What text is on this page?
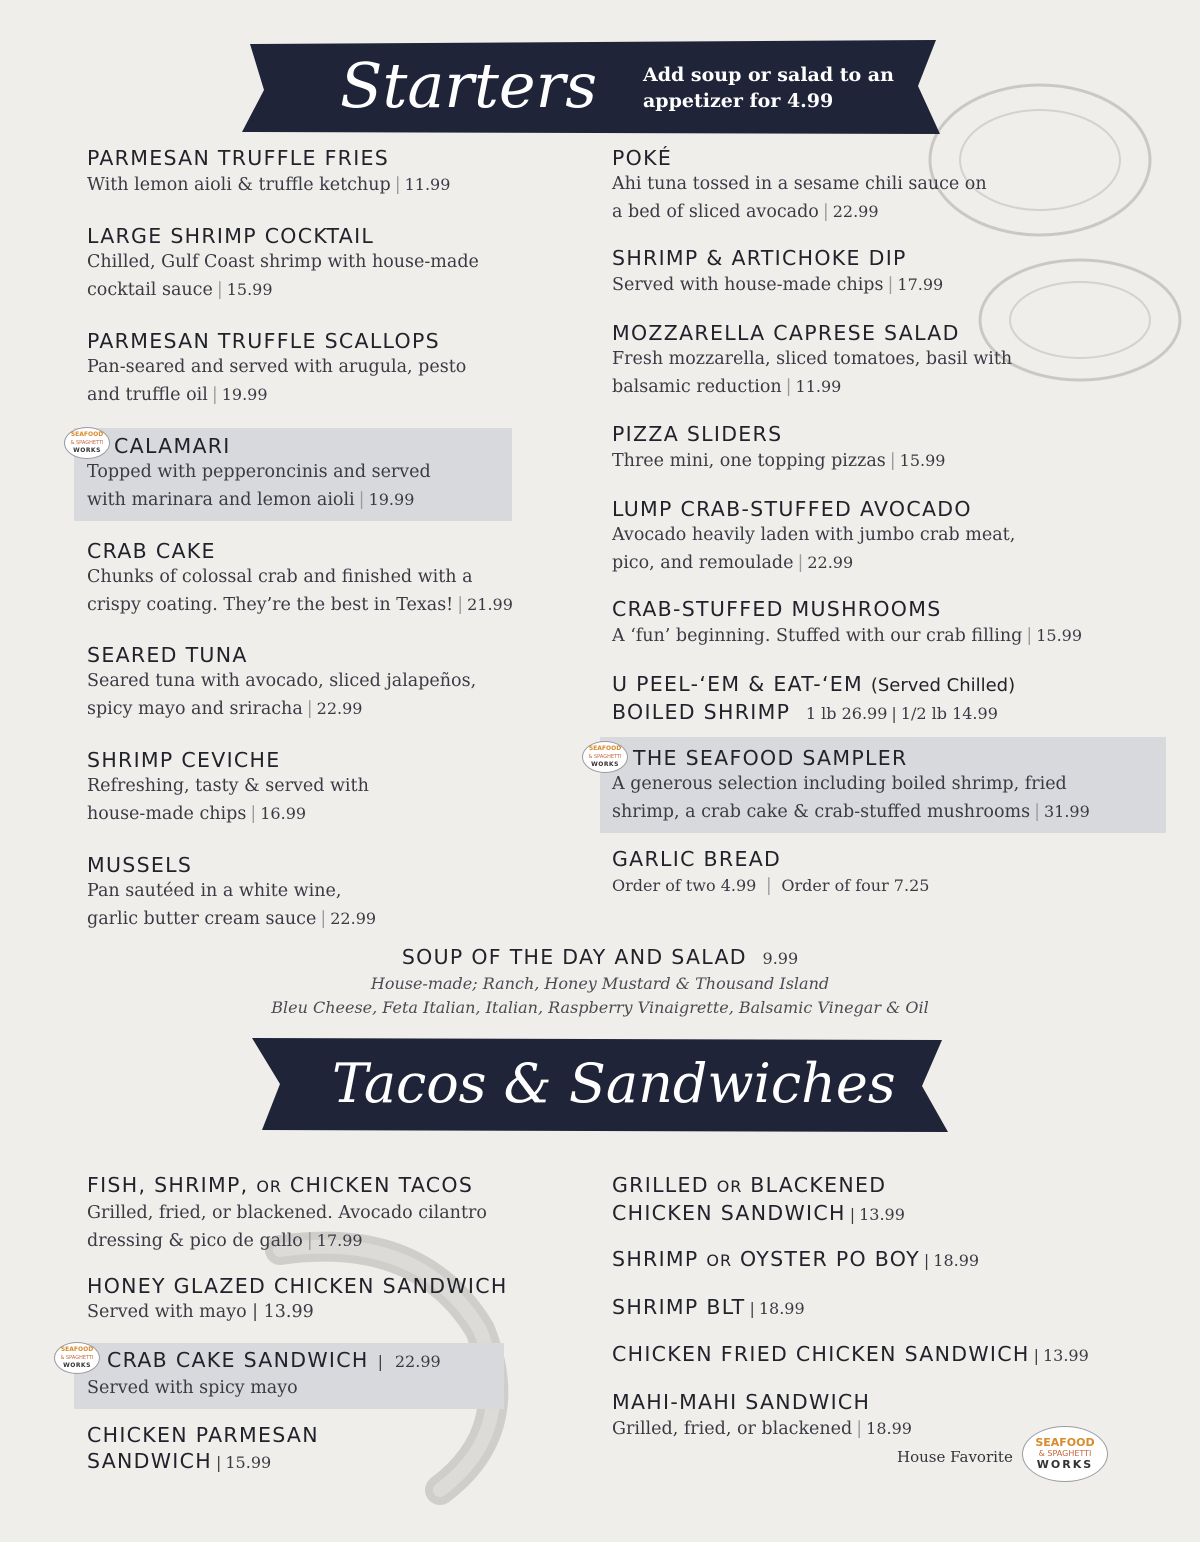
Starters Add soup or salad to an
appetizer for 4.99
SEAFOOD
& SPAGHETTI
WORKS
SEAFOOD
& SPAGHETTI
WORKS
SEAFOOD
& SPAGHETTI
WORKS
PARMESAN TRUFFLE FRIES
With lemon aioli & truffle ketchup | 11.99
LARGE SHRIMP COCKTAIL
Chilled, Gulf Coast shrimp with house-made
cocktail sauce | 15.99
PARMESAN TRUFFLE SCALLOPS
Pan-seared and served with arugula, pesto
and truffle oil | 19.99
CALAMARI
Topped with pepperoncinis and served
with marinara and lemon aioli | 19.99
CRAB CAKE
Chunks of colossal crab and finished with a
crispy coating. They’re the best in Texas! | 21.99
SEARED TUNA
Seared tuna with avocado, sliced jalapeños,
spicy mayo and sriracha | 22.99
SHRIMP CEVICHE
Refreshing, tasty & served with
house-made chips | 16.99
MUSSELS
Pan sautéed in a white wine,
garlic butter cream sauce | 22.99
POKÉ
Ahi tuna tossed in a sesame chili sauce on
a bed of sliced avocado | 22.99
SHRIMP & ARTICHOKE DIP
Served with house-made chips | 17.99
MOZZARELLA CAPRESE SALAD
Fresh mozzarella, sliced tomatoes, basil with
balsamic reduction | 11.99
PIZZA SLIDERS
Three mini, one topping pizzas | 15.99
LUMP CRAB-STUFFED AVOCADO
Avocado heavily laden with jumbo crab meat,
pico, and remoulade | 22.99
CRAB-STUFFED MUSHROOMS
A ‘fun’ beginning. Stuffed with our crab filling | 15.99
U PEEL-‘EM & EAT-‘EM (Served Chilled)
BOILED SHRIMP 1 lb 26.99 | 1/2 lb 14.99
THE SEAFOOD SAMPLER
A generous selection including boiled shrimp, fried
shrimp, a crab cake & crab-stuffed mushrooms | 31.99
GARLIC BREAD
Order of two 4.99 | Order of four 7.25
SOUP OF THE DAY AND SALAD 9.99
House-made; Ranch, Honey Mustard & Thousand Island
Bleu Cheese, Feta Italian, Italian, Raspberry Vinaigrette, Balsamic Vinegar & Oil
Tacos & Sandwiches
FISH, SHRIMP, OR CHICKEN TACOS
Grilled, fried, or blackened. Avocado cilantro
dressing & pico de gallo | 17.99
HONEY GLAZED CHICKEN SANDWICH
Served with mayo | 13.99
CRAB CAKE SANDWICH | 22.99
Served with spicy mayo
CHICKEN PARMESAN
SANDWICH | 15.99
GRILLED OR BLACKENED
CHICKEN SANDWICH | 13.99
SHRIMP OR OYSTER PO BOY | 18.99
SHRIMP BLT | 18.99
CHICKEN FRIED CHICKEN SANDWICH | 13.99
MAHI-MAHI SANDWICH
Grilled, fried, or blackened | 18.99
House Favorite
SEAFOOD
& SPAGHETTI
WORKS
